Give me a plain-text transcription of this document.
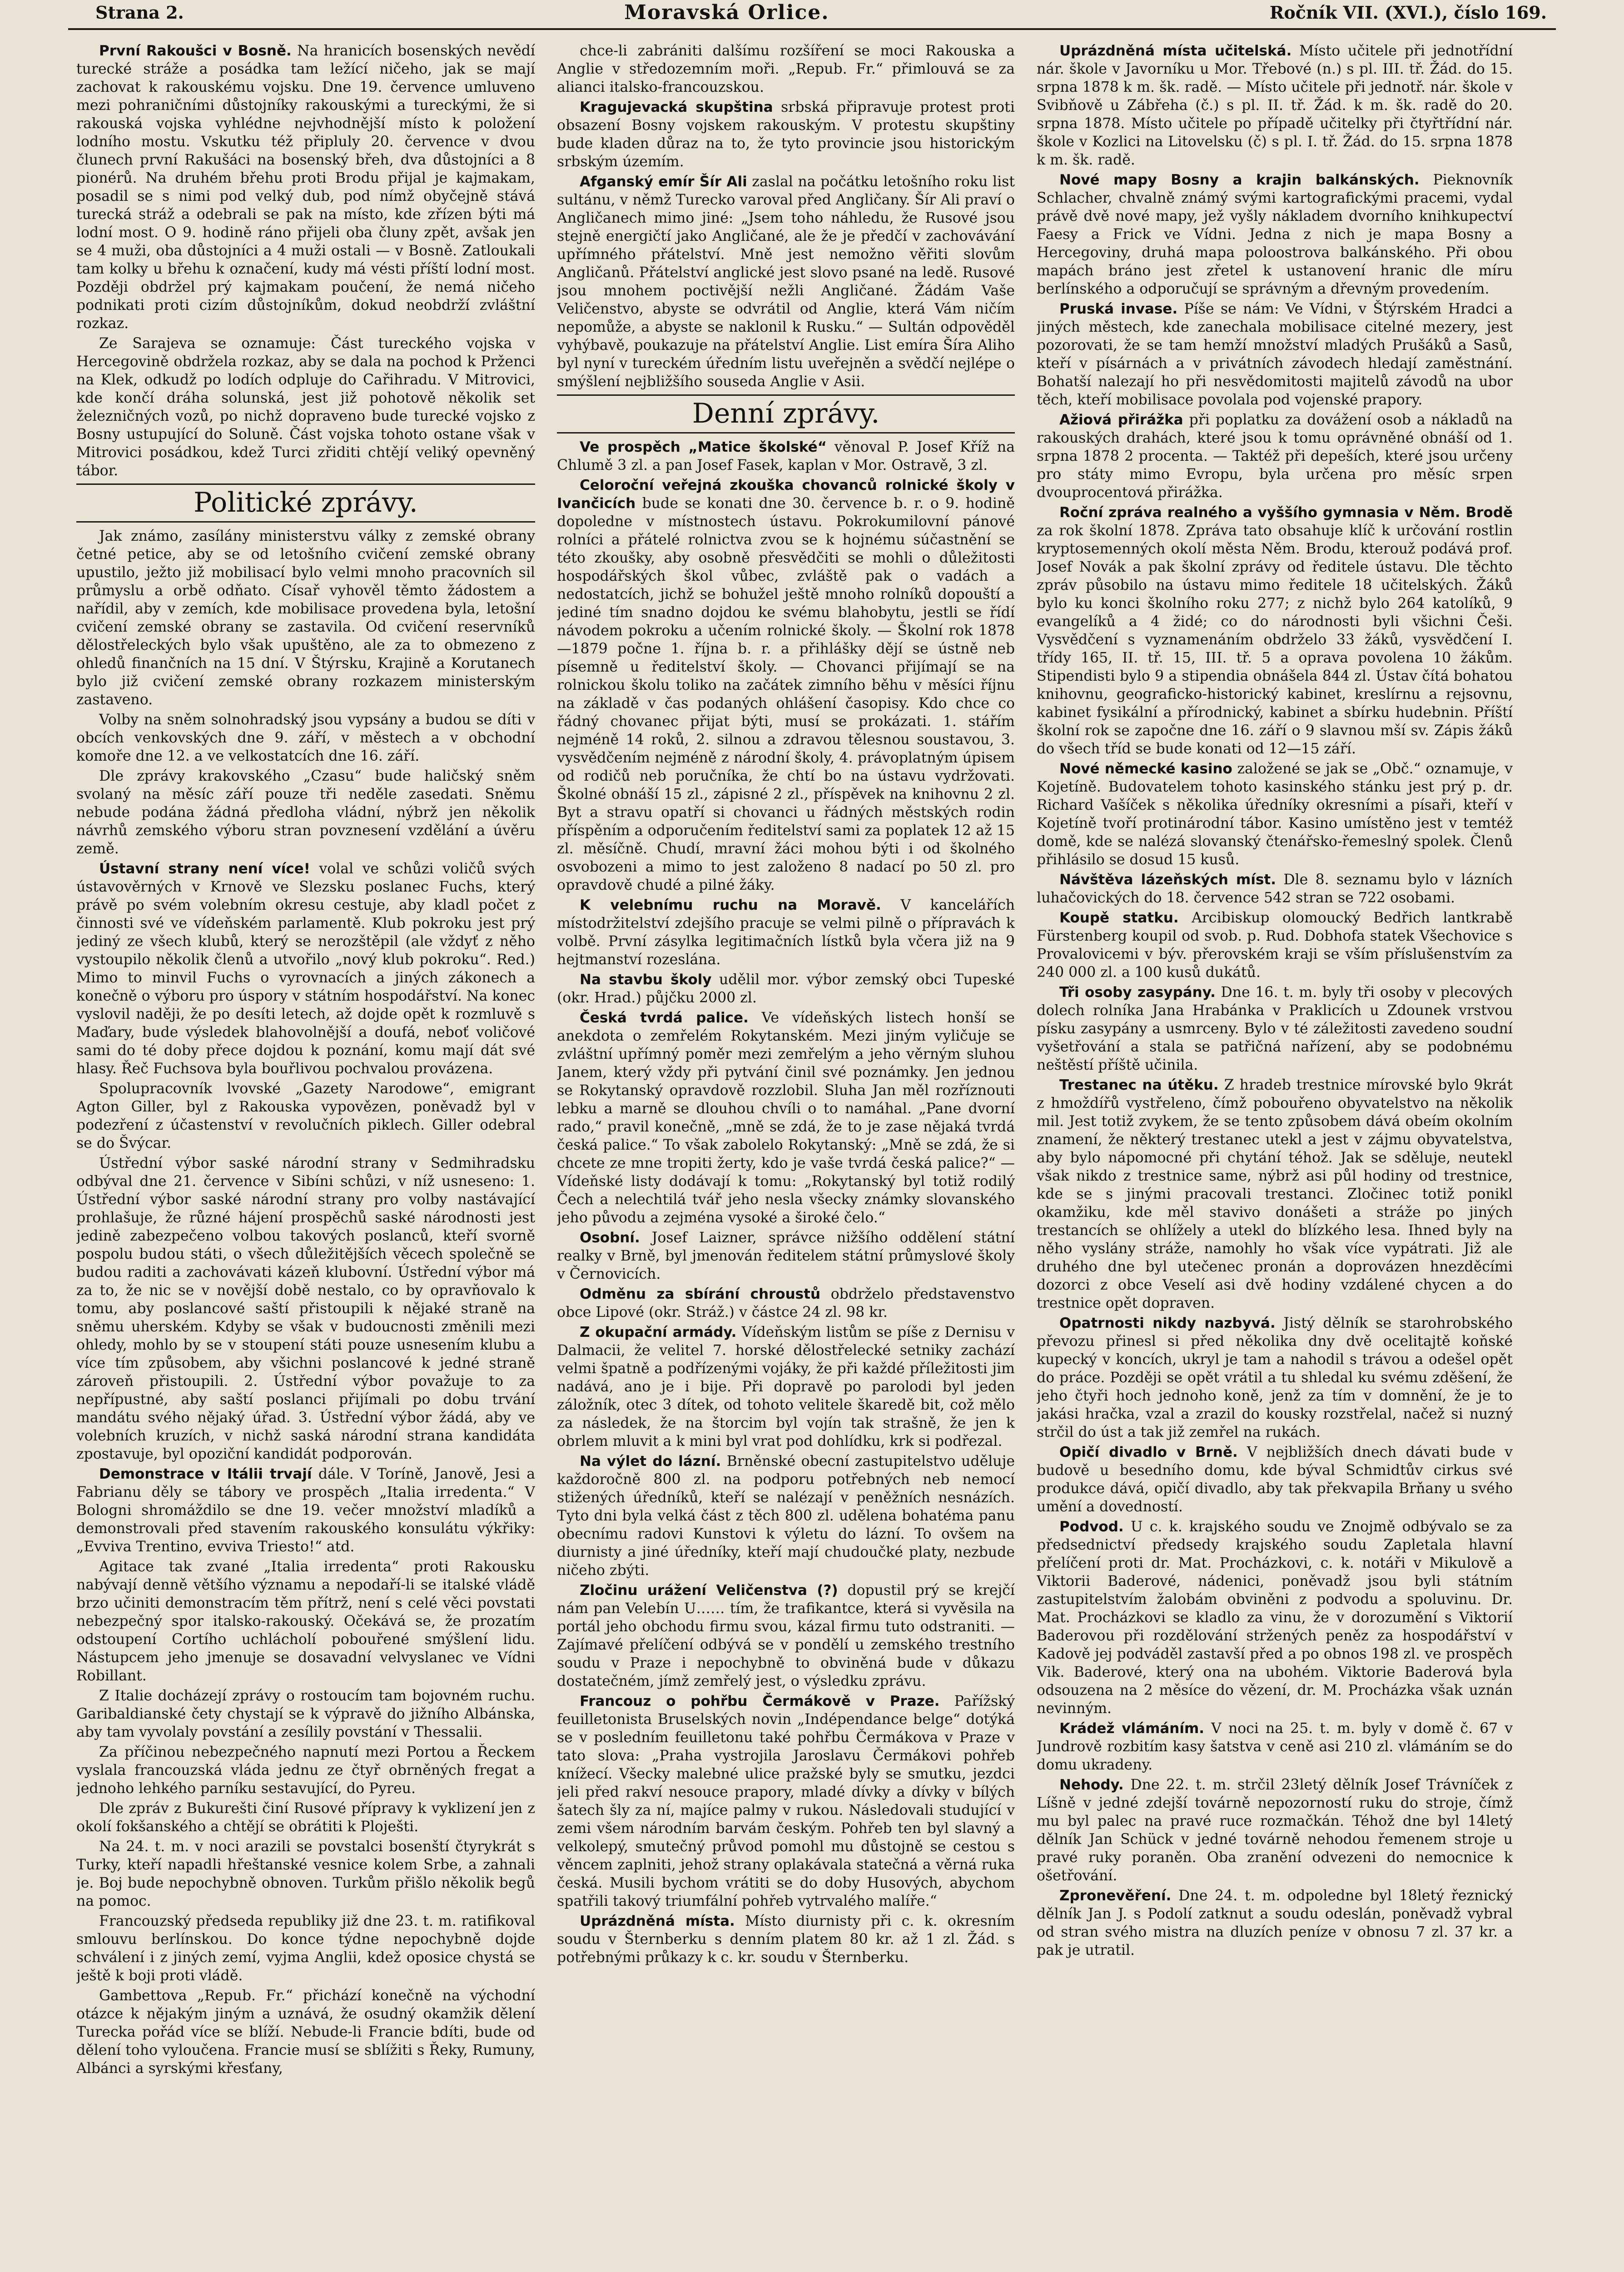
Strana 2.	Moravská Orlice.	Ročník VII. (XVI.), číslo 169.

První Rakoušci v Bosně. Na hranicích bosenských nevědí turecké stráže a posádka tam ležící ničeho, jak se mají zachovat k rakouskému vojsku. Dne 19. července umluveno mezi pohraničními důstojníky rakouskými a tureckými, že si rakouská vojska vyhlédne nejvhodnější místo k položení lodního mostu. Vskutku též připluly 20. července v dvou člunech první Rakušáci na bosenský břeh, dva důstojníci a 8 pionérů. Na druhém břehu proti Brodu přijal je kajmakam, posadil se s nimi pod velký dub, pod nímž obyčejně stává turecká stráž a odebrali se pak na místo, kde zřízen býti má lodní most. O 9. hodině ráno přijeli oba čluny zpět, avšak jen se 4 muži, oba důstojníci a 4 muži ostali — v Bosně. Zatloukali tam kolky u břehu k označení, kudy má vésti příští lodní most. Později obdržel prý kajmakam poučení, že nemá ničeho podnikati proti cizím důstojníkům, dokud neobdrží zvláštní rozkaz.

Ze Sarajeva se oznamuje: Část tureckého vojska v Hercegovině obdržela rozkaz, aby se dala na pochod k Prženci na Klek, odkudž po lodích odpluje do Cařihradu. V Mitrovici, kde končí dráha solunská, jest již pohotově několik set železničných vozů, po nichž dopraveno bude turecké vojsko z Bosny ustupující do Soluně. Část vojska tohoto ostane však v Mitrovici posádkou, kdež Turci zřiditi chtějí veliký opevněný tábor.

Politické zprávy.

Jak známo, zasílány ministerstvu války z zemské obrany četné petice, aby se od letošního cvičení zemské obrany upustilo, ježto již mobilisací bylo velmi mnoho pracovních sil průmyslu a orbě odňato. Císař vyhověl těmto žádostem a nařídil, aby v zemích, kde mobilisace provedena byla, letošní cvičení zemské obrany se zastavila. Od cvičení reservníků dělostřeleckých bylo však upuštěno, ale za to obmezeno z ohledů finančních na 15 dní. V Štýrsku, Krajině a Korutanech bylo již cvičení zemské obrany rozkazem ministerským zastaveno.

Volby na sněm solnohradský jsou vypsány a budou se díti v obcích venkovských dne 9. září, v městech a v obchodní komoře dne 12. a ve velkostatcích dne 16. září.

Dle zprávy krakovského „Czasu“ bude haličský sněm svolaný na měsíc září pouze tři neděle zasedati. Sněmu nebude podána žádná předloha vládní, nýbrž jen několik návrhů zemského výboru stran povznesení vzdělání a úvěru země.

Ústavní strany není více! volal ve schůzi voličů svých ústavověrných v Krnově ve Slezsku poslanec Fuchs, který právě po svém volebním okresu cestuje, aby kladl počet z činnosti své ve vídeňském parlamentě. Klub pokroku jest prý jediný ze všech klubů, který se nerozštěpil (ale vždyť z něho vystoupilo několik členů a utvořilo „nový klub pokroku“. Red.) Mimo to minvil Fuchs o vyrovnacích a jiných zákonech a konečně o výboru pro úspory v státním hospodářství. Na konec vyslovil naději, že po desíti letech, až dojde opět k rozmluvě s Maďary, bude výsledek blahovolnější a doufá, neboť voličové sami do té doby přece dojdou k poznání, komu mají dát své hlasy. Řeč Fuchsova byla bouřlivou pochvalou provázena.

Spolupracovník lvovské „Gazety Narodowe“, emigrant Agton Giller, byl z Rakouska vypovězen, poněvadž byl v podezření z účastenství v revolučních piklech. Giller odebral se do Švýcar.

Ústřední výbor saské národní strany v Sedmihradsku odbýval dne 21. července v Sibíni schůzi, v níž usneseno: 1. Ústřední výbor saské národní strany pro volby nastávající prohlašuje, že různé hájení prospěchů saské národnosti jest jedině zabezpečeno volbou takových poslanců, kteří svorně pospolu budou státi, o všech důležitějších věcech společně se budou raditi a zachovávati kázeň klubovní. Ústřední výbor má za to, že nic se v novější době nestalo, co by opravňovalo k tomu, aby poslancové saští přistoupili k nějaké straně na sněmu uherském. Kdyby se však v budoucnosti změnili mezi ohledy, mohlo by se v stoupení státi pouze usnesením klubu a více tím způsobem, aby všichni poslancové k jedné straně zároveň přistoupili. 2. Ústřední výbor považuje to za nepřípustné, aby saští poslanci přijímali po dobu trvání mandátu svého nějaký úřad. 3. Ústřední výbor žádá, aby ve volebních kruzích, v nichž saská národní strana kandidáta zpostavuje, byl opoziční kandidát podporován.

Demonstrace v Itálii trvají dále. V Toríně, Janově, Jesi a Fabrianu děly se tábory ve prospěch „Italia irredenta.“ V Bologni shromáždilo se dne 19. večer množství mladíků a demonstrovali před stavením rakouského konsulátu výkřiky: „Evviva Trentino, evviva Triesto!“ atd.

Agitace tak zvané „Italia irredenta“ proti Rakousku nabývají denně většího významu a nepodaří-li se italské vládě brzo učiniti demonstracím těm přítrž, není s celé věci povstati nebezpečný spor italsko-rakouský. Očekává se, že prozatím odstoupení Cortího uchlácholí pobouřené smýšlení lidu. Nástupcem jeho jmenuje se dosavadní velvyslanec ve Vídni Robillant.

Z Italie docházejí zprávy o rostoucím tam bojovném ruchu. Garibaldianské čety chystají se k výpravě do jižního Albánska, aby tam vyvolaly povstání a zesílily povstání v Thessalii.

Za příčinou nebezpečného napnutí mezi Portou a Řeckem vyslala francouzská vláda jednu ze čtyř obrněných fregat a jednoho lehkého parníku sestavující, do Pyreu.

Dle zpráv z Bukurešti činí Rusové přípravy k vyklizení jen z okolí fokšanského a chtějí se obrátiti k Ploješti.

Na 24. t. m. v noci arazili se povstalci bosenští čtyrykrát s Turky, kteří napadli hřeštanské vesnice kolem Srbe, a zahnali je. Boj bude nepochybně obnoven. Turkům přišlo několik begů na pomoc.

Francouzský předseda republiky již dne 23. t. m. ratifikoval smlouvu berlínskou. Do konce týdne nepochybně dojde schválení i z jiných zemí, vyjma Anglii, kdež oposice chystá se ještě k boji proti vládě.

Gambettova „Repub. Fr.“ přichází konečně na východní otázce k nějakým jiným a uznává, že osudný okamžik dělení Turecka pořád více se blíží. Nebude-li Francie bdíti, bude od dělení toho vyloučena. Francie musí se sblížiti s Řeky, Rumuny, Albánci a syrskými křesťany,

chce-li zabrániti dalšímu rozšíření se moci Rakouska a Anglie v středozemním moři. „Repub. Fr.“ přimlouvá se za alianci italsko-francouzskou.

Kragujevacká skupština srbská připravuje protest proti obsazení Bosny vojskem rakouským. V protestu skupštiny bude kladen důraz na to, že tyto provincie jsou historickým srbským územím.

Afganský emír Šír Ali zaslal na počátku letošního roku list sultánu, v němž Turecko varoval před Angličany. Šír Ali praví o Angličanech mimo jiné: „Jsem toho náhledu, že Rusové jsou stejně energičtí jako Angličané, ale že je předčí v zachovávání upřímného přátelství. Mně jest nemožno věřiti slovům Angličanů. Přátelství anglické jest slovo psané na ledě. Rusové jsou mnohem poctivější nežli Angličané. Žádám Vaše Veličenstvo, abyste se odvrátil od Anglie, která Vám ničím nepomůže, a abyste se naklonil k Rusku.“ — Sultán odpověděl vyhýbavě, poukazuje na přátelství Anglie. List emíra Šíra Aliho byl nyní v tureckém úředním listu uveřejněn a svědčí nejlépe o smýšlení nejbližšího souseda Anglie v Asii.

Denní zprávy.

Ve prospěch „Matice školské“ věnoval P. Josef Kříž na Chlumě 3 zl. a pan Josef Fasek, kaplan v Mor. Ostravě, 3 zl.

Celoroční veřejná zkouška chovanců rolnické školy v Ivančicích bude se konati dne 30. července b. r. o 9. hodině dopoledne v místnostech ústavu. Pokrokumilovní pánové rolníci a přátelé rolnictva zvou se k hojnému súčastnění se této zkoušky, aby osobně přesvědčiti se mohli o důležitosti hospodářských škol vůbec, zvláště pak o vadách a nedostatcích, jichž se bohužel ještě mnoho rolníků dopouští a jediné tím snadno dojdou ke svému blahobytu, jestli se řídí návodem pokroku a učením rolnické školy. — Školní rok 1878—1879 počne 1. října b. r. a přihlášky dějí se ústně neb písemně u ředitelství školy. — Chovanci přijímají se na rolnickou školu toliko na začátek zimního běhu v měsíci říjnu na základě v čas podaných ohlášení časopisy. Kdo chce co řádný chovanec přijat býti, musí se prokázati. 1. stářím nejméně 14 roků, 2. silnou a zdravou tělesnou soustavou, 3. vysvědčením nejméně z národní školy, 4. právoplatným úpisem od rodičů neb poručníka, že chtí bo na ústavu vydržovati. Školné obnáší 15 zl., zápisné 2 zl., příspěvek na knihovnu 2 zl. Byt a stravu opatří si chovanci u řádných městských rodin příspěním a odporučením ředitelství sami za poplatek 12 až 15 zl. měsíčně. Chudí, mravní žáci mohou býti i od školného osvobozeni a mimo to jest založeno 8 nadací po 50 zl. pro opravdově chudé a pilné žáky.

K velebnímu ruchu na Moravě. V kancelářích místodržitelství zdejšího pracuje se velmi pilně o přípravách k volbě. První zásylka legitimačních lístků byla včera již na 9 hejtmanství rozeslána.

Na stavbu školy udělil mor. výbor zemský obci Tupeské (okr. Hrad.) půjčku 2000 zl.

Česká tvrdá palice. Ve vídeňských listech honší se anekdota o zemřelém Rokytanském. Mezi jiným vyličuje se zvláštní upřímný poměr mezi zemřelým a jeho věrným sluhou Janem, který vždy při pytvání činil své poznámky. Jen jednou se Rokytanský opravdově rozzlobil. Sluha Jan měl rozříznouti lebku a marně se dlouhou chvíli o to namáhal. „Pane dvorní rado,“ pravil konečně, „mně se zdá, že to je zase nějaká tvrdá česká palice.“ To však zabolelo Rokytanský: „Mně se zdá, že si chcete ze mne tropiti žerty, kdo je vaše tvrdá česká palice?“ — Vídeňské listy dodávají k tomu: „Rokytanský byl totiž rodilý Čech a nelechtilá tvář jeho nesla všecky známky slovanského jeho původu a zejména vysoké a široké čelo.“

Osobní. Josef Laizner, správce nižšího oddělení státní realky v Brně, byl jmenován ředitelem státní průmyslové školy v Černovicích.

Odměnu za sbírání chroustů obdrželo představenstvo obce Lipové (okr. Stráž.) v částce 24 zl. 98 kr.

Z okupační armády. Vídeňským listům se píše z Dernisu v Dalmacii, že velitel 7. horské dělostřelecké setniky zachází velmi špatně a podřízenými vojáky, že při každé příležitosti jim nadává, ano je i bije. Při dopravě po parolodi byl jeden záložník, otec 3 dítek, od tohoto velitele škaredě bit, což mělo za následek, že na štorcim byl vojín tak strašně, že jen k obrlem mluvit a k mini byl vrat pod dohlídku, krk si podřezal.

Na výlet do lázní. Brněnské obecní zastupitelstvo uděluje každoročně 800 zl. na podporu potřebných neb nemocí stižených úředníků, kteří se nalézají v peněžních nesnázích. Tyto dni byla velká část z těch 800 zl. udělena bohatéma panu obecnímu radovi Kunstovi k výletu do lázní. To ovšem na diurnisty a jiné úředníky, kteří mají chudoučké platy, nezbude ničeho zbýti.

Zločinu urážení Veličenstva (?) dopustil prý se krejčí nám pan Velebín U…… tím, že trafikantce, která si vyvěsila na portál jeho obchodu firmu svou, kázal firmu tuto odstraniti. — Zajímavé přelíčení odbývá se v pondělí u zemského trestního soudu v Praze i nepochybně to obviněná bude v důkazu dostatečném, jímž zemřelý jest, o výsledku zprávu.

Francouz o pohřbu Čermákově v Praze. Pařížský feuilletonista Bruselských novin „Indépendance belge“ dotýká se v posledním feuilletonu také pohřbu Čermákova v Praze v tato slova: „Praha vystrojila Jaroslavu Čermákovi pohřeb knížecí. Všecky malebné ulice pražské byly se smutku, jezdci jeli před rakví nesouce prapory, mladé dívky a dívky v bílých šatech šly za ní, majíce palmy v rukou. Následovali studující v zemi všem národním barvám českým. Pohřeb ten byl slavný a velkolepý, smutečný průvod pomohl mu důstojně se cestou s věncem zaplniti, jehož strany oplakávala statečná a věrná ruka česká. Musili bychom vrátiti se do doby Husových, abychom spatřili takový triumfální pohřeb vytrvalého malíře.“

Uprázdněná místa. Místo diurnisty při c. k. okresním soudu v Šternberku s denním platem 80 kr. až 1 zl. Žád. s potřebnými průkazy k c. kr. soudu v Šternberku.

Uprázdněná místa učitelská. Místo učitele při jednotřídní nár. škole v Javorníku u Mor. Třebové (n.) s pl. III. tř. Žád. do 15. srpna 1878 k m. šk. radě. — Místo učitele při jednotř. nár. škole v Svibňově u Zábřeha (č.) s pl. II. tř. Žád. k m. šk. radě do 20. srpna 1878. Místo učitele po případě učitelky při čtyřtřídní nár. škole v Kozlici na Litovelsku (č) s pl. I. tř. Žád. do 15. srpna 1878 k m. šk. radě.

Nové mapy Bosny a krajin balkánských. Pieknovník Schlacher, chvalně známý svými kartografickými pracemi, vydal právě dvě nové mapy, jež vyšly nákladem dvorního knihkupectví Faesy a Frick ve Vídni. Jedna z nich je mapa Bosny a Hercegoviny, druhá mapa poloostrova balkánského. Při obou mapách bráno jest zřetel k ustanovení hranic dle míru berlínského a odporučují se správným a dřevným provedením.

Pruská invase. Píše se nám: Ve Vídni, v Štýrském Hradci a jiných městech, kde zanechala mobilisace citelné mezery, jest pozorovati, že se tam hemží množství mladých Prušáků a Sasů, kteří v písárnách a v privátních závodech hledají zaměstnání. Bohatší nalezají ho při nesvědomitosti majitelů závodů na ubor těch, kteří mobilisace povolala pod vojenské prapory.

Ažiová přirážka při poplatku za dovážení osob a nákladů na rakouských drahách, které jsou k tomu oprávněné obnáší od 1. srpna 1878 2 procenta. — Taktéž při depeších, které jsou určeny pro státy mimo Evropu, byla určena pro měsíc srpen dvouprocentová přirážka.

Roční zpráva realného a vyššího gymnasia v Něm. Brodě za rok školní 1878. Zpráva tato obsahuje klíč k určování rostlin kryptosemenných okolí města Něm. Brodu, kterouž podává prof. Josef Novák a pak školní zprávy od ředitele ústavu. Dle těchto zpráv působilo na ústavu mimo ředitele 18 učitelských. Žáků bylo ku konci školního roku 277; z nichž bylo 264 katolíků, 9 evangelíků a 4 židé; co do národnosti byli všichni Češi. Vysvědčení s vyznamenáním obdrželo 33 žáků, vysvědčení I. třídy 165, II. tř. 15, III. tř. 5 a oprava povolena 10 žákům. Stipendisti bylo 9 a stipendia obnášela 844 zl. Ústav čítá bohatou knihovnu, geograficko-historický kabinet, kreslírnu a rejsovnu, kabinet fysikální a přírodnický, kabinet a sbírku hudebnin. Příští školní rok se započne dne 16. září o 9 slavnou mší sv. Zápis žáků do všech tříd se bude konati od 12—15 září.

Nové německé kasino založené se jak se „Obč.“ oznamuje, v Kojetíně. Budovatelem tohoto kasinského stánku jest prý p. dr. Richard Vašíček s několika úředníky okresními a písaři, kteří v Kojetíně tvoří protinárodní tábor. Kasino umístěno jest v temtéž domě, kde se nalézá slovanský čtenářsko-řemeslný spolek. Členů přihlásilo se dosud 15 kusů.

Návštěva lázeňských míst. Dle 8. seznamu bylo v lázních luhačovických do 18. července 542 stran se 722 osobami.

Koupě statku. Arcibiskup olomoucký Bedřich lantkrabě Fürstenberg koupil od svob. p. Rud. Dobhofa statek Všechovice s Provalovicemi v býv. přerovském kraji se vším příslušenstvím za 240 000 zl. a 100 kusů dukátů.

Tři osoby zasypány. Dne 16. t. m. byly tři osoby v plecových dolech rolníka Jana Hrabánka v Praklicích u Zdounek vrstvou písku zasypány a usmrceny. Bylo v té záležitosti zavedeno soudní vyšetřování a stala se patřičná nařízení, aby se podobnému neštěstí příště učinila.

Trestanec na útěku. Z hradeb trestnice mírovské bylo 9krát z hmoždířů vystřeleno, čímž pobouřeno obyvatelstvo na několik mil. Jest totiž zvykem, že se tento způsobem dává obeím okolním znamení, že některý trestanec utekl a jest v zájmu obyvatelstva, aby bylo nápomocné při chytání téhož. Jak se sděluje, neutekl však nikdo z trestnice same, nýbrž asi půl hodiny od trestnice, kde se s jinými pracovali trestanci. Zločinec totiž ponikl okamžiku, kde měl stavivo donášeti a stráže po jiných trestancích se ohlížely a utekl do blízkého lesa. Ihned byly na něho vyslány stráže, namohly ho však více vypátrati. Již ale druhého dne byl utečenec pronán a doprovázen hnezděcími dozorci z obce Veselí asi dvě hodiny vzdálené chycen a do trestnice opět dopraven.

Opatrnosti nikdy nazbyvá. Jistý dělník se starohrobského převozu přinesl si před několika dny dvě ocelitajtě koňské kupecký v koncích, ukryl je tam a nahodil s trávou a odešel opět do práce. Později se opět vrátil a tu shledal ku svému zděšení, že jeho čtyři hoch jednoho koně, jenž za tím v domnění, že je to jakási hračka, vzal a zrazil do kousky rozstřelal, načež si nuzný strčil do úst a tak již zemřel na rukách.

Opičí divadlo v Brně. V nejbližších dnech dávati bude v budově u besedního domu, kde býval Schmidtův cirkus své produkce dává, opičí divadlo, aby tak překvapila Brňany u svého umění a dovedností.

Podvod. U c. k. krajského soudu ve Znojmě odbývalo se za předsednictví předsedy krajského soudu Zapletala hlavní přelíčení proti dr. Mat. Procházkovi, c. k. notáři v Mikulově a Viktorii Baderové, nádenici, poněvadž jsou byli státním zastupitelstvím žalobám obviněni z podvodu a spoluvinu. Dr. Mat. Procházkovi se kladlo za vinu, že v dorozumění s Viktorií Baderovou při rozdělování stržených peněz za hospodářství v Kadově jej podváděl zastavší před a po obnos 198 zl. ve prospěch Vik. Baderové, který ona na ubohém. Viktorie Baderová byla odsouzena na 2 měsíce do vězení, dr. M. Procházka však uznán nevinným.

Krádež vlámáním. V noci na 25. t. m. byly v domě č. 67 v Jundrově rozbitím kasy šatstva v ceně asi 210 zl. vlámáním se do domu ukradeny.

Nehody. Dne 22. t. m. strčil 23letý dělník Josef Trávníček z Líšně v jedné zdejší továrně nepozorností ruku do stroje, čímž mu byl palec na pravé ruce rozmačkán. Téhož dne byl 14letý dělník Jan Schück v jedné továrně nehodou řemenem stroje u pravé ruky poraněn. Oba zranění odvezeni do nemocnice k ošetřování.

Zpronevěření. Dne 24. t. m. odpoledne byl 18letý řeznický dělník Jan J. s Podolí zatknut a soudu odeslán, poněvadž vybral od stran svého mistra na dluzích peníze v obnosu 7 zl. 37 kr. a pak je utratil.
